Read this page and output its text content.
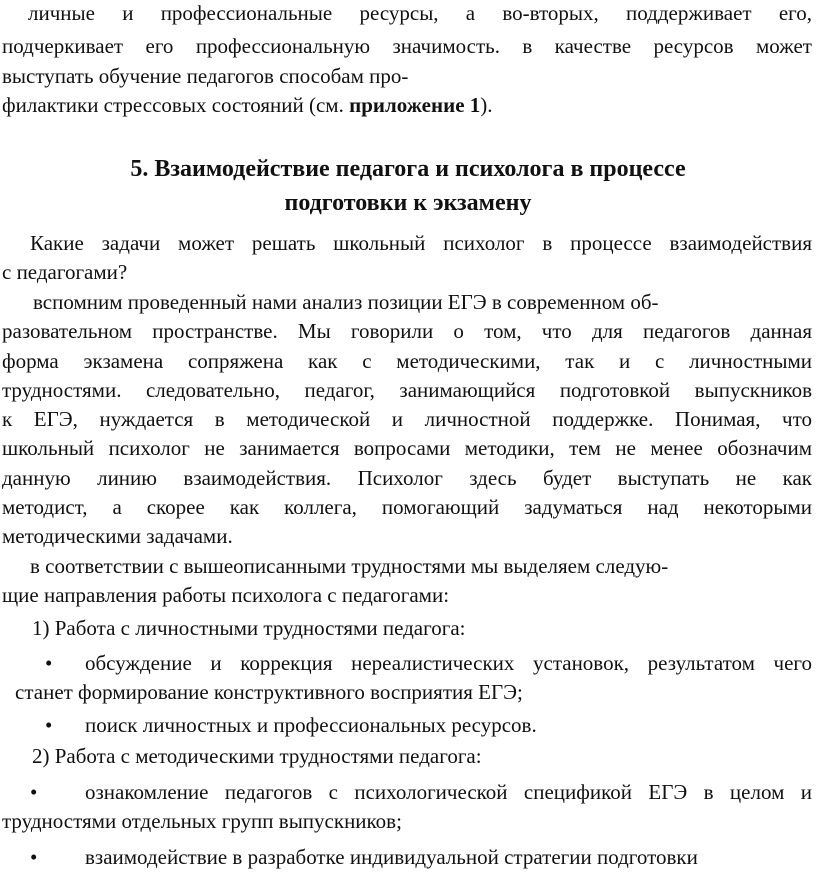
личные и профессиональные ресурсы, а во-вторых, поддерживает его,
подчеркивает его профессиональную значимость. в качестве ресурсов может
выступать обучение педагогов способам про-
филактики стрессовых состояний (см. приложение 1).
5. Взаимодействие педагога и психолога в процессе
подготовки к экзамену
Какие задачи может решать школьный психолог в процессе взаимодействия
с педагогами?
вспомним проведенный нами анализ позиции ЕГЭ в современном об-
разовательном пространстве. Мы говорили о том, что для педагогов данная
форма экзамена сопряжена как с методическими, так и с личностными
трудностями. следовательно, педагог, занимающийся подготовкой выпускников
к ЕГЭ, нуждается в методической и личностной поддержке. Понимая, что
школьный психолог не занимается вопросами методики, тем не менее обозначим
данную линию взаимодействия. Психолог здесь будет выступать не как
методист, а скорее как коллега, помогающий задуматься над некоторыми
методическими задачами.
в соответствии с вышеописанными трудностями мы выделяем следую-
щие направления работы психолога с педагогами:
1) Работа с личностными трудностями педагога:
• обсуждение и коррекция нереалистических установок, результатом чего
станет формирование конструктивного восприятия ЕГЭ;
• поиск личностных и профессиональных ресурсов.
2) Работа с методическими трудностями педагога:
• ознакомление педагогов с психологической спецификой ЕГЭ в целом и
трудностями отдельных групп выпускников;
• взаимодействие в разработке индивидуальной стратегии подготовки
